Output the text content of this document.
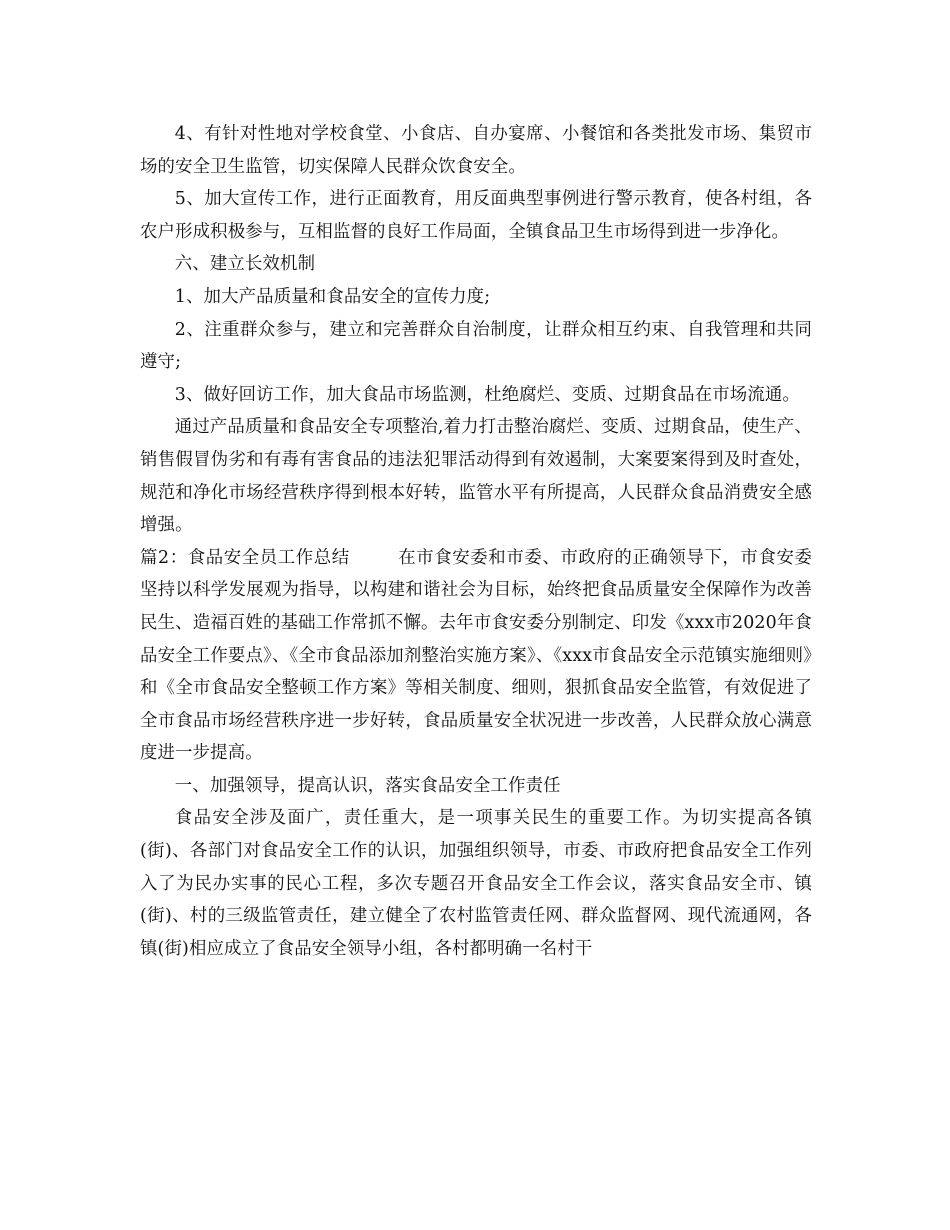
4、有针对性地对学校食堂、小食店、自办宴席、小餐馆和各类批发市场、集贸市场的安全卫生监管，切实保障人民群众饮食安全。

5、加大宣传工作，进行正面教育，用反面典型事例进行警示教育，使各村组，各农户形成积极参与，互相监督的良好工作局面，全镇食品卫生市场得到进一步净化。

六、建立长效机制

1、加大产品质量和食品安全的宣传力度;

2、注重群众参与，建立和完善群众自治制度，让群众相互约束、自我管理和共同遵守;

3、做好回访工作，加大食品市场监测，杜绝腐烂、变质、过期食品在市场流通。

通过产品质量和食品安全专项整治,着力打击整治腐烂、变质、过期食品，使生产、销售假冒伪劣和有毒有害食品的违法犯罪活动得到有效遏制，大案要案得到及时查处，规范和净化市场经营秩序得到根本好转，监管水平有所提高，人民群众食品消费安全感增强。

篇2：食品安全员工作总结	在市食安委和市委、市政府的正确领导下，市食安委坚持以科学发展观为指导，以构建和谐社会为目标，始终把食品质量安全保障作为改善民生、造福百姓的基础工作常抓不懈。去年市食安委分别制定、印发《xxx市2020年食品安全工作要点》、《全市食品添加剂整治实施方案》、《xxx市食品安全示范镇实施细则》和《全市食品安全整顿工作方案》等相关制度、细则，狠抓食品安全监管，有效促进了全市食品市场经营秩序进一步好转，食品质量安全状况进一步改善，人民群众放心满意度进一步提高。

一、加强领导，提高认识，落实食品安全工作责任

食品安全涉及面广，责任重大，是一项事关民生的重要工作。为切实提高各镇(街)、各部门对食品安全工作的认识，加强组织领导，市委、市政府把食品安全工作列入了为民办实事的民心工程，多次专题召开食品安全工作会议，落实食品安全市、镇(街)、村的三级监管责任，建立健全了农村监管责任网、群众监督网、现代流通网，各镇(街)相应成立了食品安全领导小组，各村都明确一名村干
